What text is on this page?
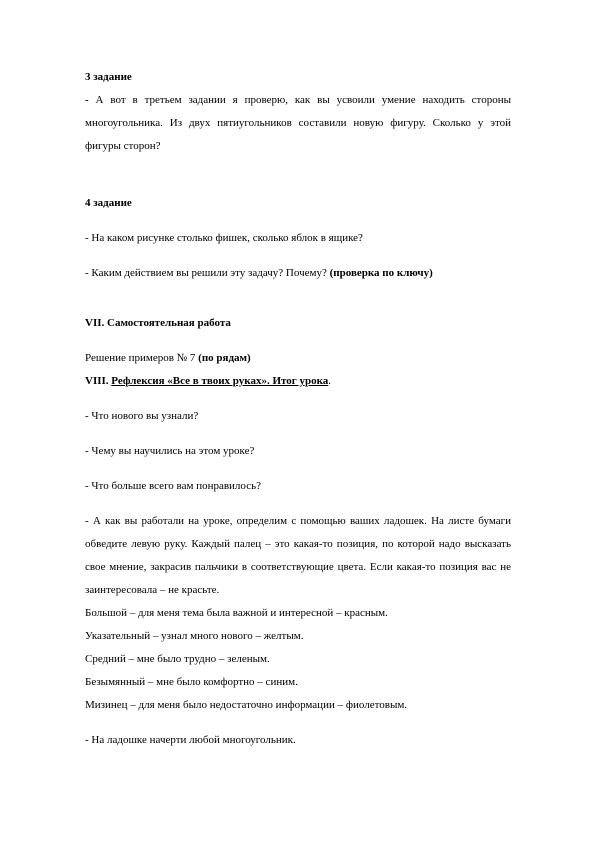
3 задание

- А вот в третьем задании я проверю, как вы усвоили умение находить стороны многоугольника. Из двух пятиугольников составили новую фигуру. Сколько у этой фигуры сторон?

4 задание

- На каком рисунке столько фишек, сколько яблок в ящике?

- Каким действием вы решили эту задачу? Почему? (проверка по ключу)

VII. Самостоятельная работа

Решение примеров № 7 (по рядам)

VIII. Рефлексия «Все в твоих руках». Итог урока.

- Что нового вы узнали?

- Чему вы научились на этом уроке?

- Что больше всего вам понравилось?

- А как вы работали на уроке, определим с помощью ваших ладошек. На листе бумаги обведите левую руку. Каждый палец – это какая-то позиция, по которой надо высказать свое мнение, закрасив пальчики в соответствующие цвета. Если какая-то позиция вас не заинтересовала – не красьте.

Большой – для меня тема была важной и интересной – красным.

Указательный – узнал много нового – желтым.

Средний – мне было трудно – зеленым.

Безымянный – мне было комфортно – синим.

Мизинец – для меня было недостаточно информации – фиолетовым.

- На ладошке начерти любой многоугольник.
